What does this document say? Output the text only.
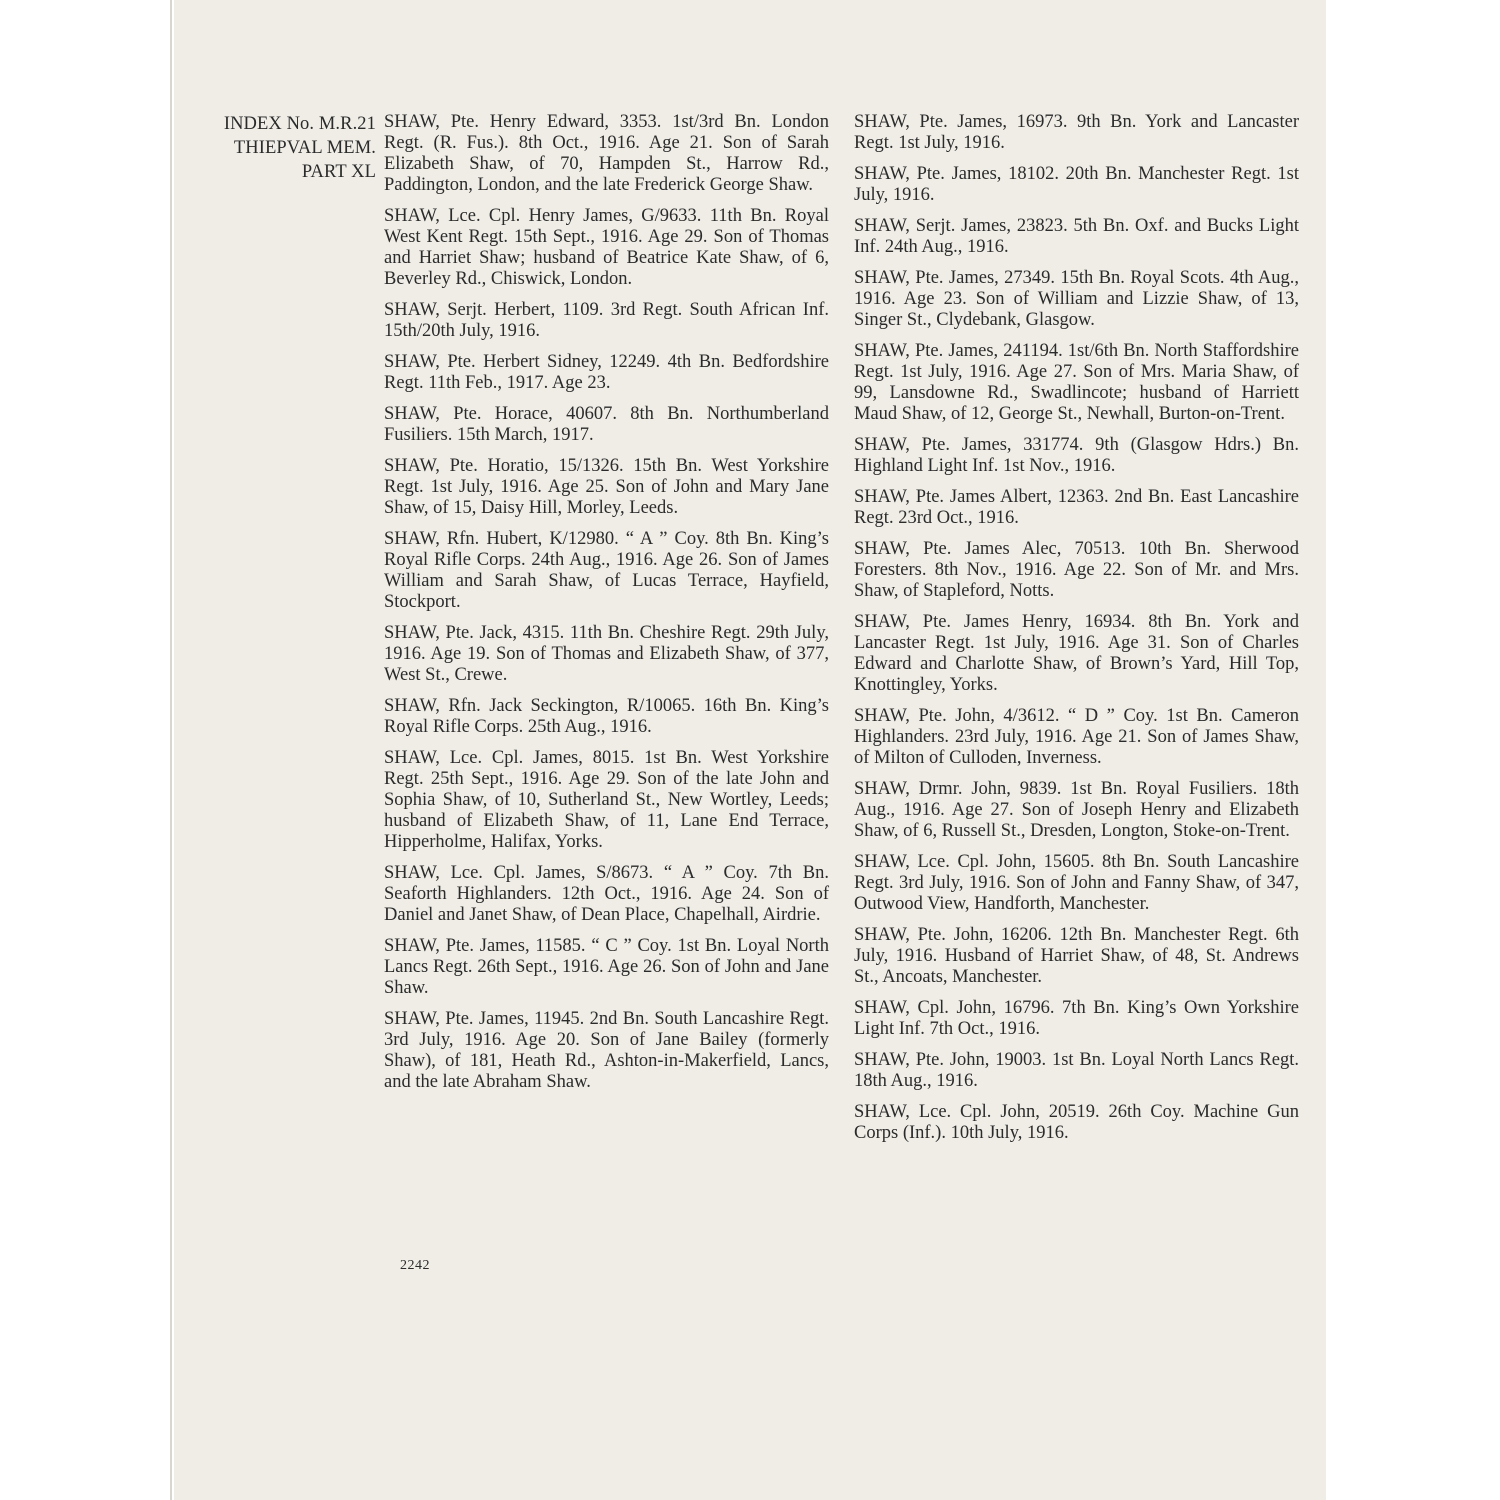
INDEX No. M.R.21
THIEPVAL MEM.
PART XL

SHAW, Pte. Henry Edward, 3353. 1st/3rd Bn. London Regt. (R. Fus.). 8th Oct., 1916. Age 21. Son of Sarah Elizabeth Shaw, of 70, Hampden St., Harrow Rd., Paddington, London, and the late Frederick George Shaw.

SHAW, Lce. Cpl. Henry James, G/9633. 11th Bn. Royal West Kent Regt. 15th Sept., 1916. Age 29. Son of Thomas and Harriet Shaw; husband of Beatrice Kate Shaw, of 6, Beverley Rd., Chiswick, London.

SHAW, Serjt. Herbert, 1109. 3rd Regt. South African Inf. 15th/20th July, 1916.

SHAW, Pte. Herbert Sidney, 12249. 4th Bn. Bedfordshire Regt. 11th Feb., 1917. Age 23.

SHAW, Pte. Horace, 40607. 8th Bn. Northumberland Fusiliers. 15th March, 1917.

SHAW, Pte. Horatio, 15/1326. 15th Bn. West Yorkshire Regt. 1st July, 1916. Age 25. Son of John and Mary Jane Shaw, of 15, Daisy Hill, Morley, Leeds.

SHAW, Rfn. Hubert, K/12980. “ A ” Coy. 8th Bn. King’s Royal Rifle Corps. 24th Aug., 1916. Age 26. Son of James William and Sarah Shaw, of Lucas Terrace, Hayfield, Stockport.

SHAW, Pte. Jack, 4315. 11th Bn. Cheshire Regt. 29th July, 1916. Age 19. Son of Thomas and Elizabeth Shaw, of 377, West St., Crewe.

SHAW, Rfn. Jack Seckington, R/10065. 16th Bn. King’s Royal Rifle Corps. 25th Aug., 1916.

SHAW, Lce. Cpl. James, 8015. 1st Bn. West Yorkshire Regt. 25th Sept., 1916. Age 29. Son of the late John and Sophia Shaw, of 10, Sutherland St., New Wortley, Leeds; husband of Elizabeth Shaw, of 11, Lane End Terrace, Hipperholme, Halifax, Yorks.

SHAW, Lce. Cpl. James, S/8673. “ A ” Coy. 7th Bn. Seaforth Highlanders. 12th Oct., 1916. Age 24. Son of Daniel and Janet Shaw, of Dean Place, Chapelhall, Airdrie.

SHAW, Pte. James, 11585. “ C ” Coy. 1st Bn. Loyal North Lancs Regt. 26th Sept., 1916. Age 26. Son of John and Jane Shaw.

SHAW, Pte. James, 11945. 2nd Bn. South Lancashire Regt. 3rd July, 1916. Age 20. Son of Jane Bailey (formerly Shaw), of 181, Heath Rd., Ashton-in-Makerfield, Lancs, and the late Abraham Shaw.

SHAW, Pte. James, 16973. 9th Bn. York and Lancaster Regt. 1st July, 1916.

SHAW, Pte. James, 18102. 20th Bn. Manchester Regt. 1st July, 1916.

SHAW, Serjt. James, 23823. 5th Bn. Oxf. and Bucks Light Inf. 24th Aug., 1916.

SHAW, Pte. James, 27349. 15th Bn. Royal Scots. 4th Aug., 1916. Age 23. Son of William and Lizzie Shaw, of 13, Singer St., Clydebank, Glasgow.

SHAW, Pte. James, 241194. 1st/6th Bn. North Staffordshire Regt. 1st July, 1916. Age 27. Son of Mrs. Maria Shaw, of 99, Lansdowne Rd., Swadlincote; husband of Harriett Maud Shaw, of 12, George St., Newhall, Burton-on-Trent.

SHAW, Pte. James, 331774. 9th (Glasgow Hdrs.) Bn. Highland Light Inf. 1st Nov., 1916.

SHAW, Pte. James Albert, 12363. 2nd Bn. East Lancashire Regt. 23rd Oct., 1916.

SHAW, Pte. James Alec, 70513. 10th Bn. Sherwood Foresters. 8th Nov., 1916. Age 22. Son of Mr. and Mrs. Shaw, of Stapleford, Notts.

SHAW, Pte. James Henry, 16934. 8th Bn. York and Lancaster Regt. 1st July, 1916. Age 31. Son of Charles Edward and Charlotte Shaw, of Brown’s Yard, Hill Top, Knottingley, Yorks.

SHAW, Pte. John, 4/3612. “ D ” Coy. 1st Bn. Cameron Highlanders. 23rd July, 1916. Age 21. Son of James Shaw, of Milton of Culloden, Inverness.

SHAW, Drmr. John, 9839. 1st Bn. Royal Fusiliers. 18th Aug., 1916. Age 27. Son of Joseph Henry and Elizabeth Shaw, of 6, Russell St., Dresden, Longton, Stoke-on-Trent.

SHAW, Lce. Cpl. John, 15605. 8th Bn. South Lancashire Regt. 3rd July, 1916. Son of John and Fanny Shaw, of 347, Outwood View, Handforth, Manchester.

SHAW, Pte. John, 16206. 12th Bn. Manchester Regt. 6th July, 1916. Husband of Harriet Shaw, of 48, St. Andrews St., Ancoats, Manchester.

SHAW, Cpl. John, 16796. 7th Bn. King’s Own Yorkshire Light Inf. 7th Oct., 1916.

SHAW, Pte. John, 19003. 1st Bn. Loyal North Lancs Regt. 18th Aug., 1916.

SHAW, Lce. Cpl. John, 20519. 26th Coy. Machine Gun Corps (Inf.). 10th July, 1916.

2242
